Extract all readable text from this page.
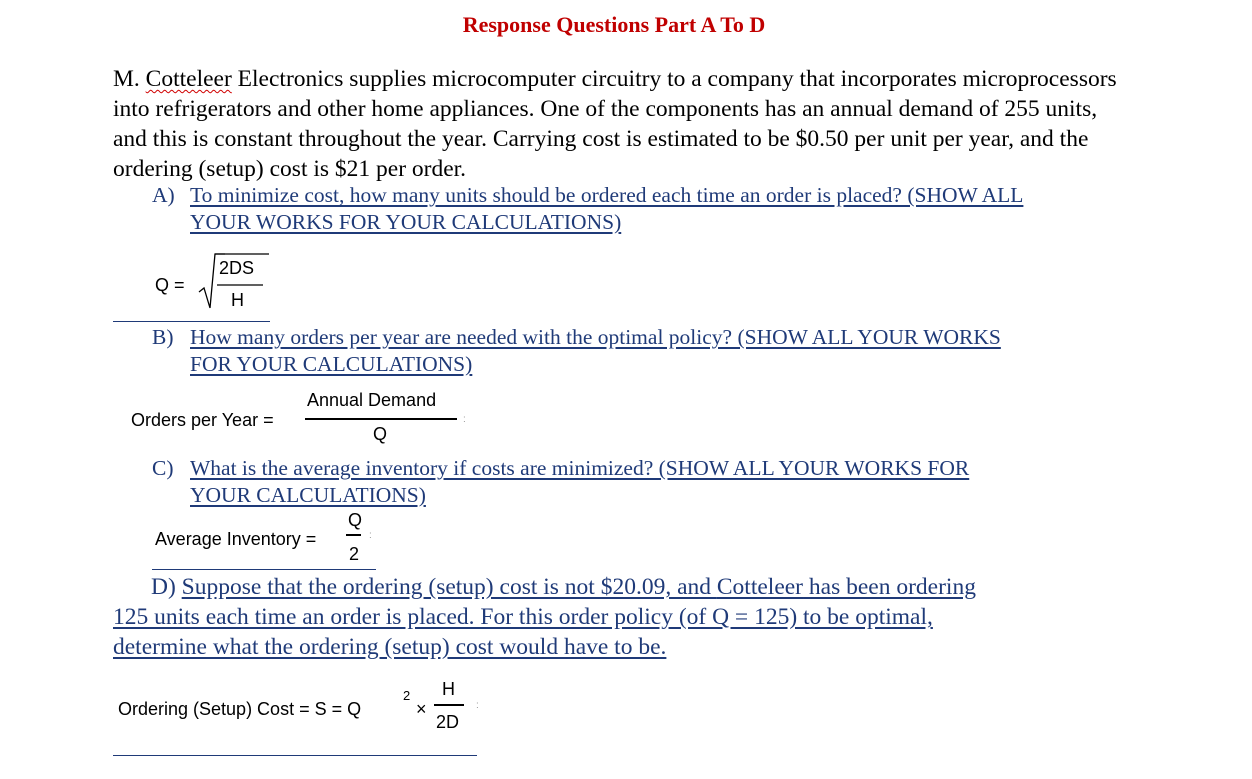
Response Questions Part A To D
M. Cotteleer Electronics supplies microcomputer circuitry to a company that incorporates microprocessors into refrigerators and other home appliances. One of the components has an annual demand of 255 units, and this is constant throughout the year. Carrying cost is estimated to be $0.50 per unit per year, and the ordering (setup) cost is $21 per order.
A) To minimize cost, how many units should be ordered each time an order is placed? (SHOW ALL
YOUR WORKS FOR YOUR CALCULATIONS)
Q =
2DS
H
B) How many orders per year are needed with the optimal policy? (SHOW ALL YOUR WORKS
FOR YOUR CALCULATIONS)
Orders per Year =
Annual Demand
Q
:
C) What is the average inventory if costs are minimized? (SHOW ALL YOUR WORKS FOR
YOUR CALCULATIONS)
Average Inventory =
Q
2
:
D) Suppose that the ordering (setup) cost is not $20.09, and Cotteleer has been ordering
125 units each time an order is placed. For this order policy (of Q = 125) to be optimal,
determine what the ordering (setup) cost would have to be.
Ordering (Setup) Cost = S = Q
2
×
H
2D
:
